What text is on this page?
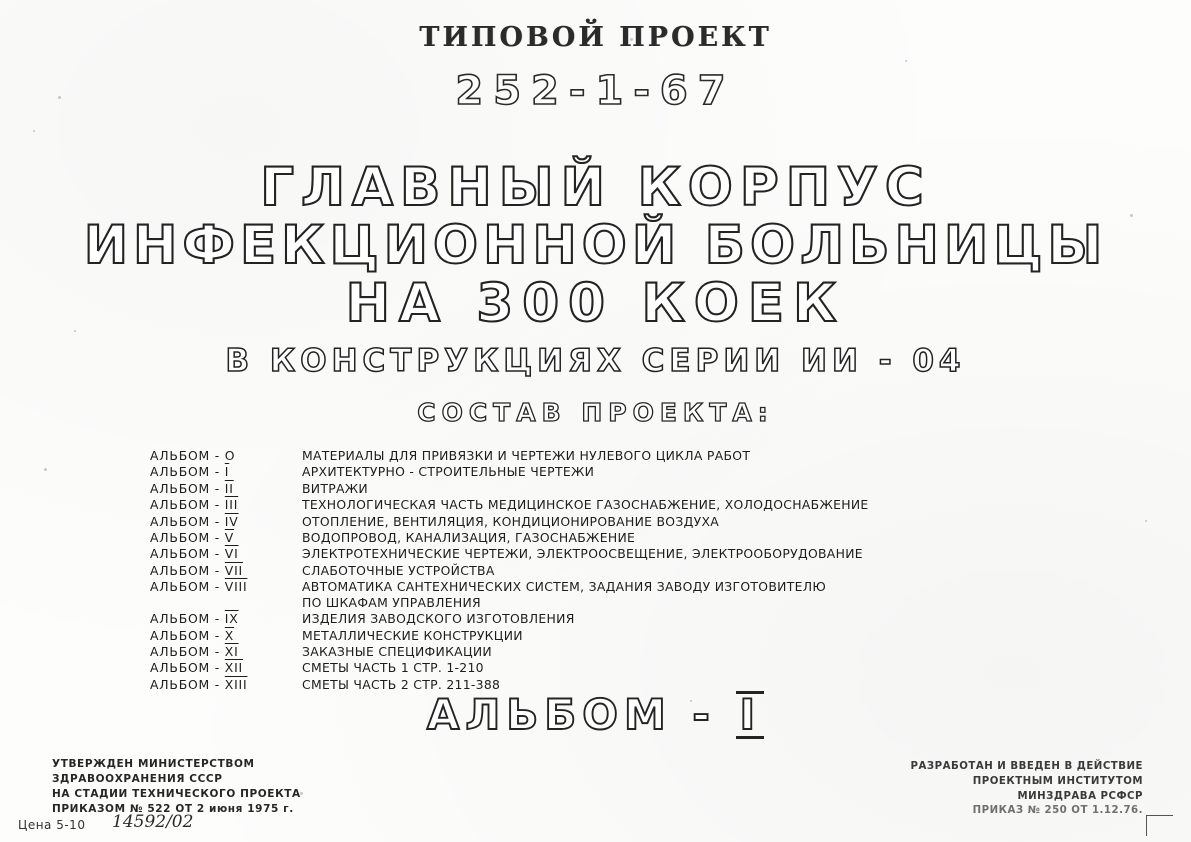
ТИПОВОЙ ПРОЕКТ
252-1-67
ГЛАВНЫЙ КОРПУС
ИНФЕКЦИОННОЙ БОЛЬНИЦЫ
НА 300 КОЕК
В КОНСТРУКЦИЯХ СЕРИИ ИИ - 04
СОСТАВ ПРОЕКТА:
АЛЬБОМ - О	МАТЕРИАЛЫ ДЛЯ ПРИВЯЗКИ И ЧЕРТЕЖИ НУЛЕВОГО ЦИКЛА РАБОТ
АЛЬБОМ - $\overline{I}$	АРХИТЕКТУРНО - СТРОИТЕЛЬНЫЕ ЧЕРТЕЖИ
АЛЬБОМ - $\overline{II}$	ВИТРАЖИ
АЛЬБОМ - $\overline{III}$	ТЕХНОЛОГИЧЕСКАЯ ЧАСТЬ МЕДИЦИНСКОЕ ГАЗОСНАБЖЕНИЕ, ХОЛОДОСНАБЖЕНИЕ
АЛЬБОМ - $\overline{IV}$	ОТОПЛЕНИЕ, ВЕНТИЛЯЦИЯ, КОНДИЦИОНИРОВАНИЕ ВОЗДУХА
АЛЬБОМ - $\overline{V}$	ВОДОПРОВОД, КАНАЛИЗАЦИЯ, ГАЗОСНАБЖЕНИЕ
АЛЬБОМ - $\overline{VI}$	ЭЛЕКТРОТЕХНИЧЕСКИЕ ЧЕРТЕЖИ, ЭЛЕКТРООСВЕЩЕНИЕ, ЭЛЕКТРООБОРУДОВАНИЕ
АЛЬБОМ - $\overline{VII}$	СЛАБОТОЧНЫЕ УСТРОЙСТВА
АЛЬБОМ - VIII	АВТОМАТИКА САНТЕХНИЧЕСКИХ СИСТЕМ, ЗАДАНИЯ ЗАВОДУ ИЗГОТОВИТЕЛЮ
ПО ШКАФАМ УПРАВЛЕНИЯ
АЛЬБОМ - $\overline{IX}$	ИЗДЕЛИЯ ЗАВОДСКОГО ИЗГОТОВЛЕНИЯ
АЛЬБОМ - $\overline{X}$	МЕТАЛЛИЧЕСКИЕ КОНСТРУКЦИИ
АЛЬБОМ - $\overline{XI}$	ЗАКАЗНЫЕ СПЕЦИФИКАЦИИ
АЛЬБОМ - $\overline{XII}$	СМЕТЫ ЧАСТЬ 1 СТР. 1-210
АЛЬБОМ - XIII	СМЕТЫ ЧАСТЬ 2 СТР. 211-388
АЛЬБОМ - I
УТВЕРЖДЕН МИНИСТЕРСТВОМ
ЗДРАВООХРАНЕНИЯ СССР
НА СТАДИИ ТЕХНИЧЕСКОГО ПРОЕКТА
ПРИКАЗОМ № 522 ОТ 2 июня 1975 г.
РАЗРАБОТАН И ВВЕДЕН В ДЕЙСТВИЕ
ПРОЕКТНЫМ ИНСТИТУТОМ
МИНЗДРАВА РСФСР
ПРИКАЗ № 250 ОТ 1.12.76.
Цена 5-10 14592/02
